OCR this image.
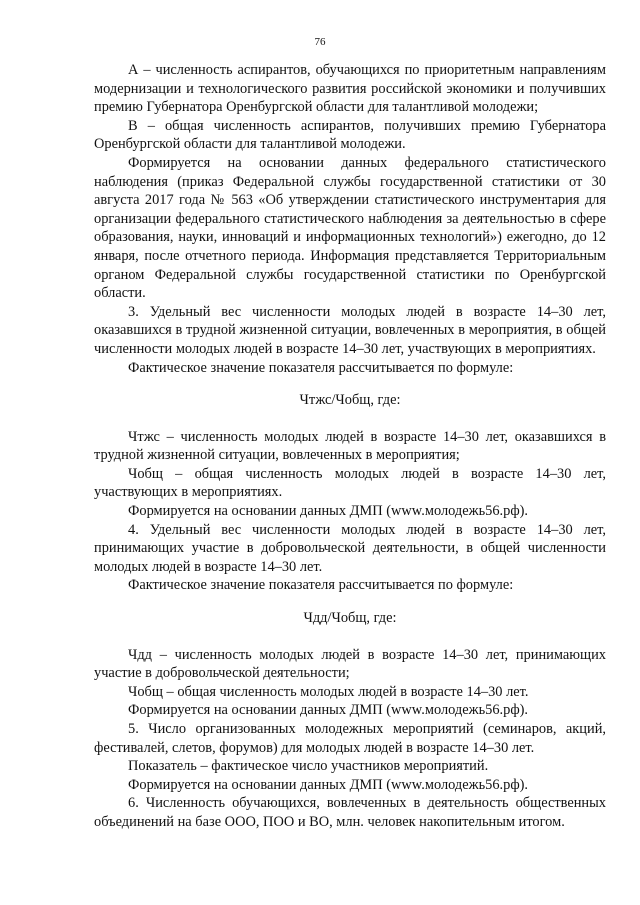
76

А – численность аспирантов, обучающихся по приоритетным направлениям модернизации и технологического развития российской экономики и получивших премию Губернатора Оренбургской области для талантливой молодежи;

В – общая численность аспирантов, получивших премию Губернатора Оренбургской области для талантливой молодежи.

Формируется на основании данных федерального статистического наблюдения (приказ Федеральной службы государственной статистики от 30 августа 2017 года № 563 «Об утверждении статистического инструментария для организации федерального статистического наблюдения за деятельностью в сфере образования, науки, инноваций и информационных технологий») ежегодно, до 12 января, после отчетного периода. Информация представляется Территориальным органом Федеральной службы государственной статистики по Оренбургской области.

3. Удельный вес численности молодых людей в возрасте 14–30 лет, оказавшихся в трудной жизненной ситуации, вовлеченных в мероприятия, в общей численности молодых людей в возрасте 14–30 лет, участвующих в мероприятиях.

Фактическое значение показателя рассчитывается по формуле:

Чтжс/Чобщ, где:

Чтжс – численность молодых людей в возрасте 14–30 лет, оказавшихся в трудной жизненной ситуации, вовлеченных в мероприятия;

Чобщ – общая численность молодых людей в возрасте 14–30 лет, участвующих в мероприятиях.

Формируется на основании данных ДМП (www.молодежь56.рф).

4. Удельный вес численности молодых людей в возрасте 14–30 лет, принимающих участие в добровольческой деятельности, в общей численности молодых людей в возрасте 14–30 лет.

Фактическое значение показателя рассчитывается по формуле:

Чдд/Чобщ, где:

Чдд – численность молодых людей в возрасте 14–30 лет, принимающих участие в добровольческой деятельности;

Чобщ – общая численность молодых людей в возрасте 14–30 лет.

Формируется на основании данных ДМП (www.молодежь56.рф).

5. Число организованных молодежных мероприятий (семинаров, акций, фестивалей, слетов, форумов) для молодых людей в возрасте 14–30 лет.

Показатель – фактическое число участников мероприятий.

Формируется на основании данных ДМП (www.молодежь56.рф).

6. Численность обучающихся, вовлеченных в деятельность общественных объединений на базе ООО, ПОО и ВО, млн. человек накопительным итогом.
